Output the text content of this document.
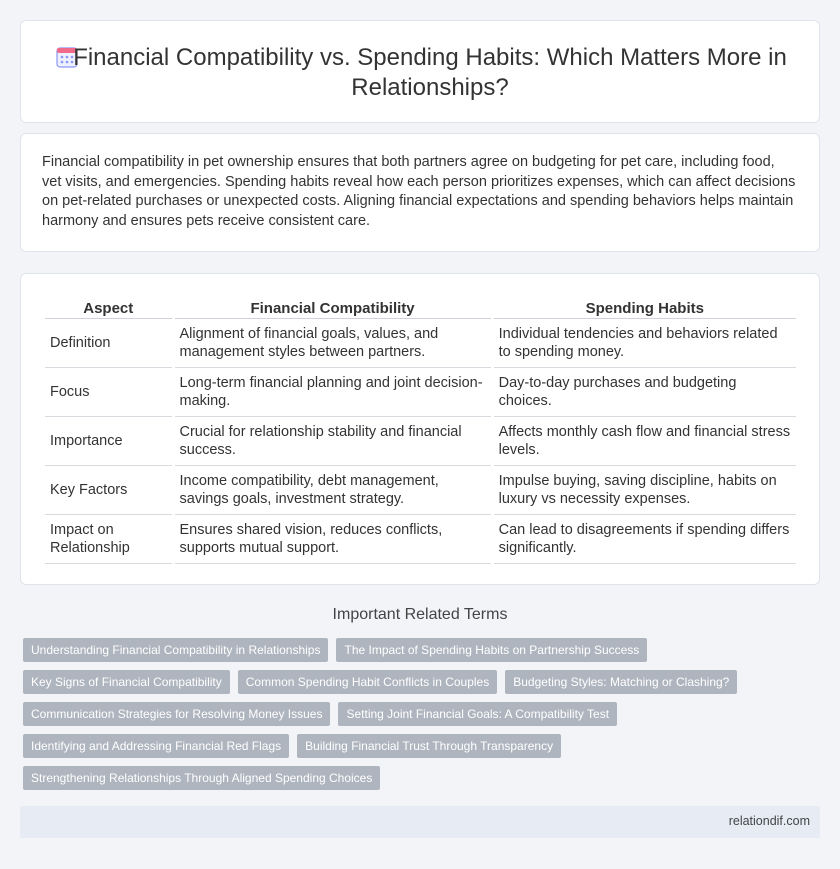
Financial Compatibility vs. Spending Habits: Which Matters More in Relationships?

Financial compatibility in pet ownership ensures that both partners agree on budgeting for pet care, including food, vet visits, and emergencies. Spending habits reveal how each person prioritizes expenses, which can affect decisions on pet-related purchases or unexpected costs. Aligning financial expectations and spending behaviors helps maintain harmony and ensures pets receive consistent care.

Aspect	Financial Compatibility	Spending Habits
Definition	Alignment of financial goals, values, and management styles between partners.	Individual tendencies and behaviors related to spending money.
Focus	Long-term financial planning and joint decision-making.	Day-to-day purchases and budgeting choices.
Importance	Crucial for relationship stability and financial success.	Affects monthly cash flow and financial stress levels.
Key Factors	Income compatibility, debt management, savings goals, investment strategy.	Impulse buying, saving discipline, habits on luxury vs necessity expenses.
Impact on Relationship	Ensures shared vision, reduces conflicts, supports mutual support.	Can lead to disagreements if spending differs significantly.
Important Related Terms
Understanding Financial Compatibility in Relationships	The Impact of Spending Habits on Partnership Success
Key Signs of Financial Compatibility	Common Spending Habit Conflicts in Couples	Budgeting Styles: Matching or Clashing?
Communication Strategies for Resolving Money Issues	Setting Joint Financial Goals: A Compatibility Test
Identifying and Addressing Financial Red Flags	Building Financial Trust Through Transparency
Strengthening Relationships Through Aligned Spending Choices
relationdif.com
